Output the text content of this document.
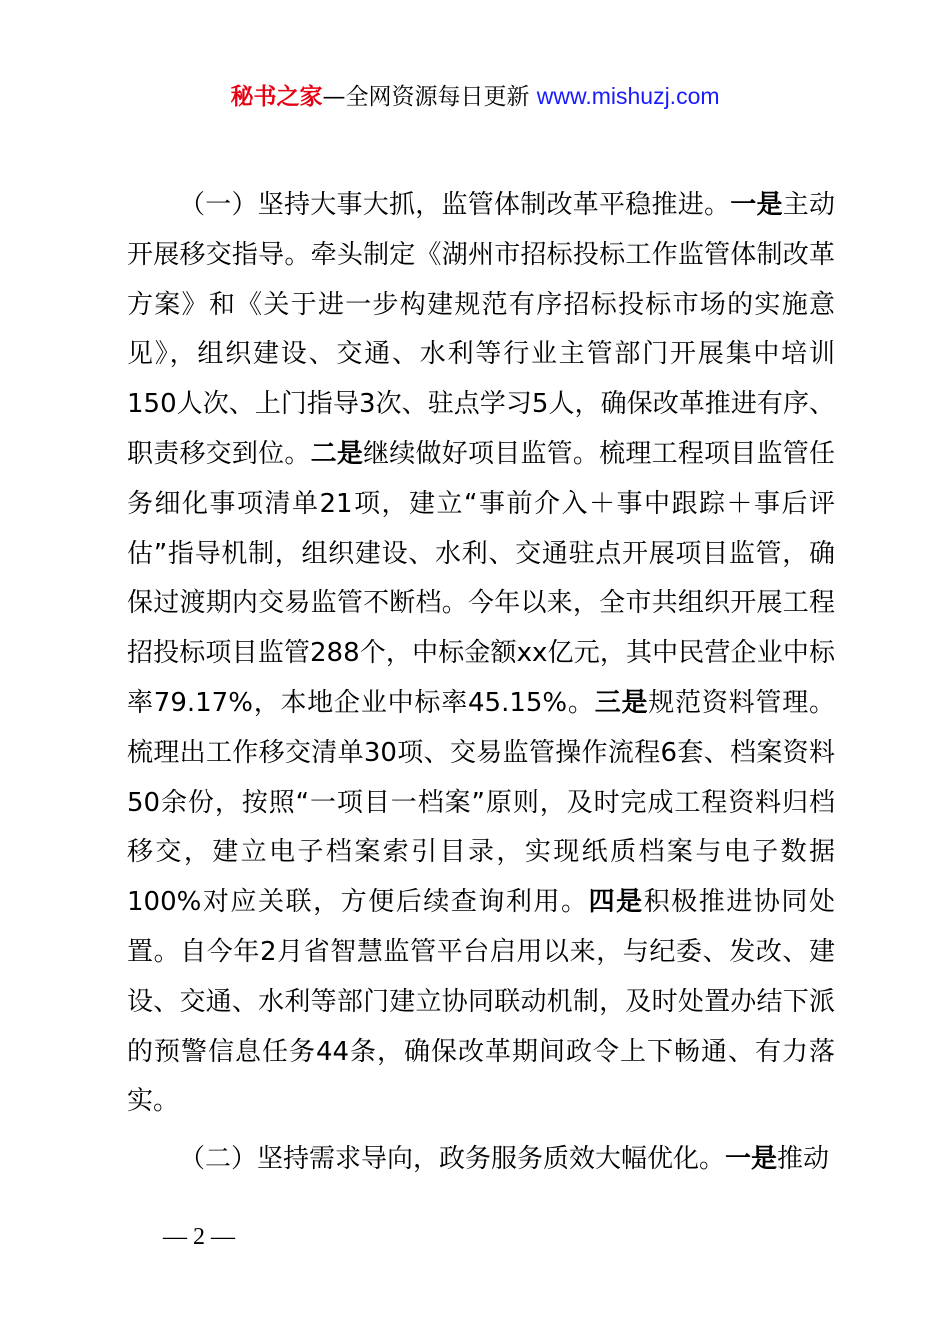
秘书之家—全网资源每日更新 www.mishuzj.com

（一）坚持大事大抓，监管体制改革平稳推进。一是主动开展移交指导。牵头制定《湖州市招标投标工作监管体制改革方案》和《关于进一步构建规范有序招标投标市场的实施意见》，组织建设、交通、水利等行业主管部门开展集中培训150人次、上门指导3次、驻点学习5人，确保改革推进有序、职责移交到位。二是继续做好项目监管。梳理工程项目监管任务细化事项清单21项，建立“事前介入＋事中跟踪＋事后评估”指导机制，组织建设、水利、交通驻点开展项目监管，确保过渡期内交易监管不断档。今年以来，全市共组织开展工程招投标项目监管288个，中标金额xx亿元，其中民营企业中标率79.17%，本地企业中标率45.15%。三是规范资料管理。梳理出工作移交清单30项、交易监管操作流程6套、档案资料50余份，按照“一项目一档案”原则，及时完成工程资料归档移交，建立电子档案索引目录，实现纸质档案与电子数据100%对应关联，方便后续查询利用。四是积极推进协同处置。自今年2月省智慧监管平台启用以来，与纪委、发改、建设、交通、水利等部门建立协同联动机制，及时处置办结下派的预警信息任务44条，确保改革期间政令上下畅通、有力落实。

（二）坚持需求导向，政务服务质效大幅优化。一是推动

— 2 —
